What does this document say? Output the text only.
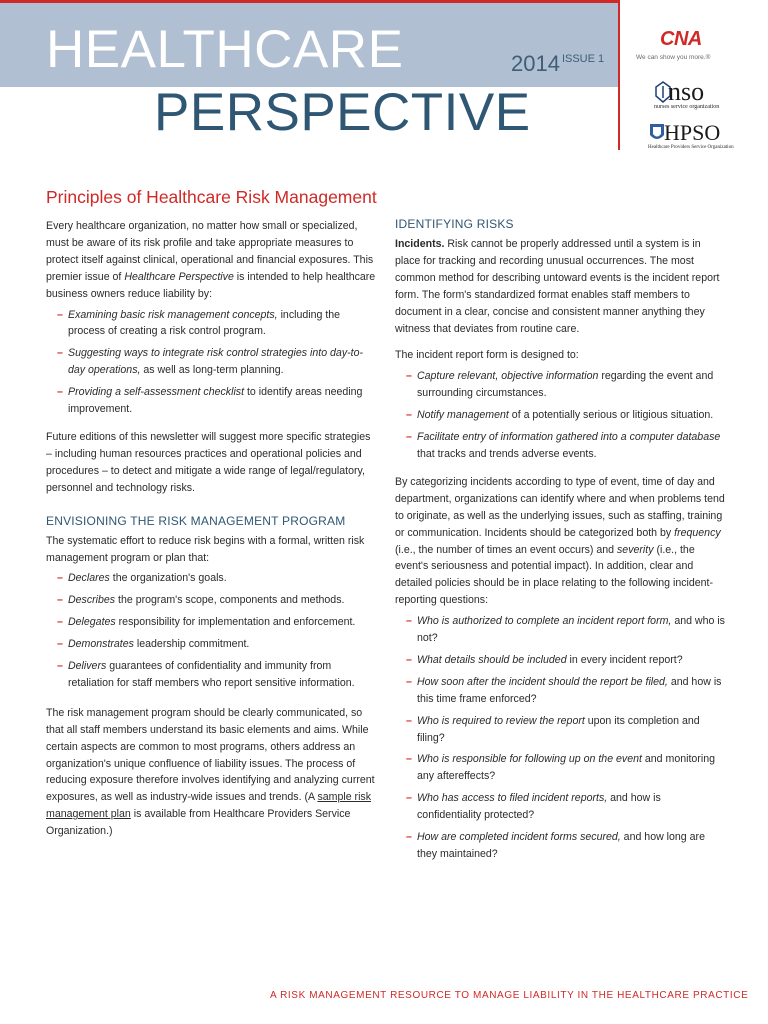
HEALTHCARE
PERSPECTIVE
2014 $^{ISSUE 1}$
CNA
We can show you more.®
nso
nurses service organization
HPSO
Healthcare Providers Service Organization
Principles of Healthcare Risk Management

Every healthcare organization, no matter how small or specialized, must be aware of its risk profile and take appropriate measures to protect itself against clinical, operational and financial exposures. This premier issue of Healthcare Perspective is intended to help healthcare business owners reduce liability by:

– Examining basic risk management concepts, including the process of creating a risk control program.
– Suggesting ways to integrate risk control strategies into day-to-day operations, as well as long-term planning.
– Providing a self-assessment checklist to identify areas needing improvement.

Future editions of this newsletter will suggest more specific strategies – including human resources practices and operational policies and procedures – to detect and mitigate a wide range of legal/regulatory, personnel and technology risks.

ENVISIONING THE RISK MANAGEMENT PROGRAM

The systematic effort to reduce risk begins with a formal, written risk management program or plan that:

– Declares the organization's goals.
– Describes the program's scope, components and methods.
– Delegates responsibility for implementation and enforcement.
– Demonstrates leadership commitment.
– Delivers guarantees of confidentiality and immunity from retaliation for staff members who report sensitive information.

The risk management program should be clearly communicated, so that all staff members understand its basic elements and aims. While certain aspects are common to most programs, others address an organization's unique confluence of liability issues. The process of reducing exposure therefore involves identifying and analyzing current exposures, as well as industry-wide issues and trends. (A sample risk management plan is available from Healthcare Providers Service Organization.)

IDENTIFYING RISKS

Incidents. Risk cannot be properly addressed until a system is in place for tracking and recording unusual occurrences. The most common method for describing untoward events is the incident report form. The form's standardized format enables staff members to document in a clear, concise and consistent manner anything they witness that deviates from routine care.

The incident report form is designed to:

– Capture relevant, objective information regarding the event and surrounding circumstances.
– Notify management of a potentially serious or litigious situation.
– Facilitate entry of information gathered into a computer database that tracks and trends adverse events.

By categorizing incidents according to type of event, time of day and department, organizations can identify where and when problems tend to originate, as well as the underlying issues, such as staffing, training or communication. Incidents should be categorized both by frequency (i.e., the number of times an event occurs) and severity (i.e., the event's seriousness and potential impact). In addition, clear and detailed policies should be in place relating to the following incident-reporting questions:

– Who is authorized to complete an incident report form, and who is not?
– What details should be included in every incident report?
– How soon after the incident should the report be filed, and how is this time frame enforced?
– Who is required to review the report upon its completion and filing?
– Who is responsible for following up on the event and monitoring any aftereffects?
– Who has access to filed incident reports, and how is confidentiality protected?
– How are completed incident forms secured, and how long are they maintained?
A RISK MANAGEMENT RESOURCE TO MANAGE LIABILITY IN THE HEALTHCARE PRACTICE
